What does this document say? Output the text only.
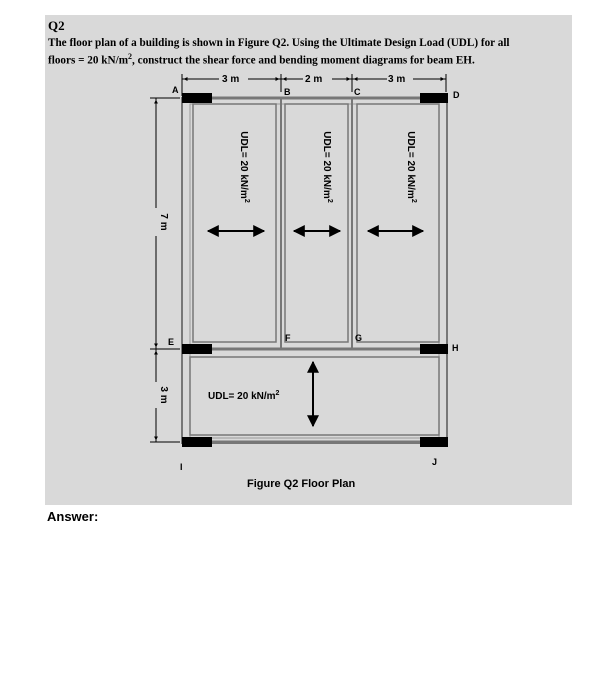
Q2
The floor plan of a building is shown in Figure Q2. Using the Ultimate Design Load (UDL) for all
floors = 20 $kN/m^2$, construct the shear force and bending moment diagrams for beam EH.
3 m	2 m	3 m
7 m
3 m
A	B	C	D
E	F	G
H
I	J
UDL= 20 $kN/m^2$
UDL= 20 $kN/m^2$
UDL= 20 $kN/m^2$
UDL= 20 $kN/m^2$
Figure Q2 Floor Plan
Answer:
